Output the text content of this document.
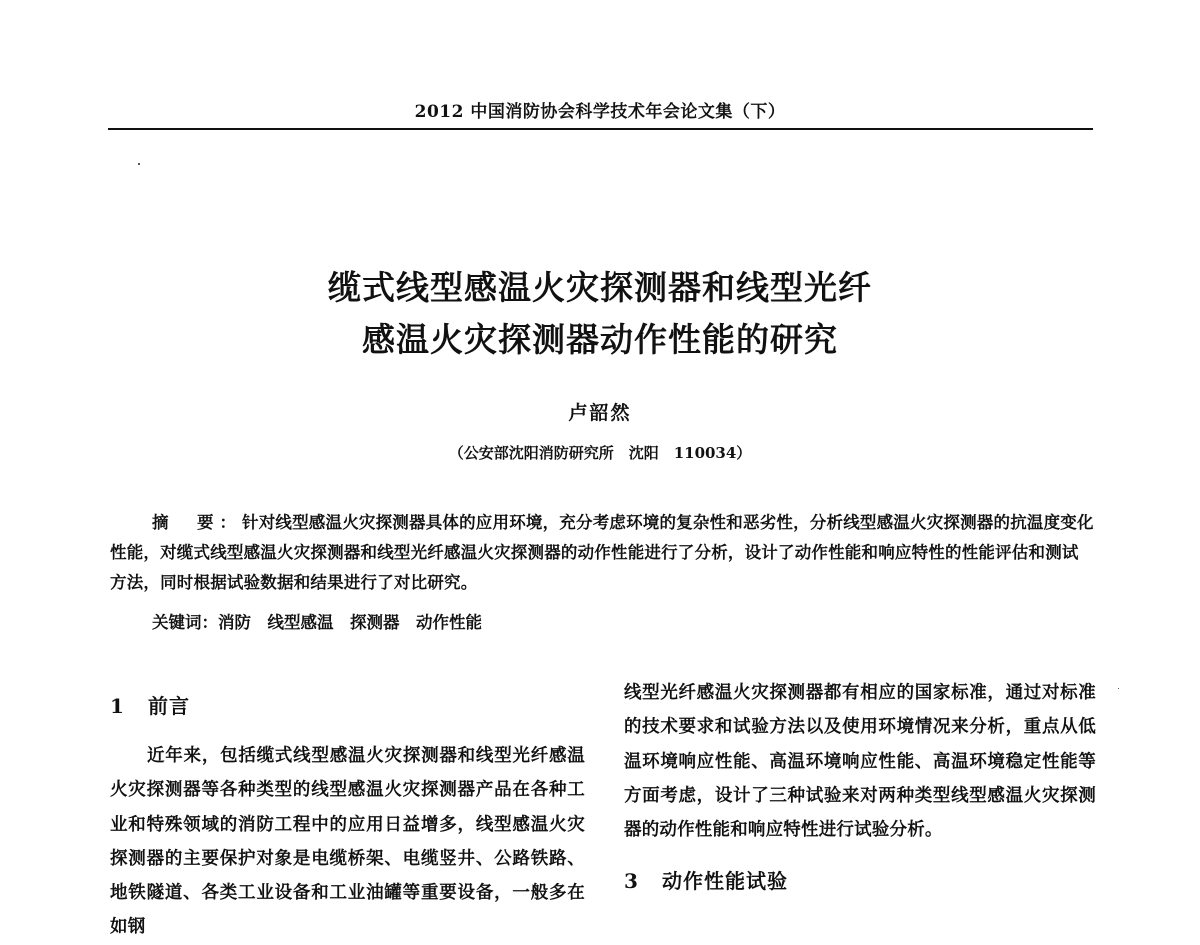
2012 中国消防协会科学技术年会论文集（下）
缆式线型感温火灾探测器和线型光纤
感温火灾探测器动作性能的研究
卢韶然
（公安部沈阳消防研究所　沈阳　110034）
摘　要：针对线型感温火灾探测器具体的应用环境，充分考虑环境的复杂性和恶劣性，分析线型感温火灾探测器的抗温度变化性能，对缆式线型感温火灾探测器和线型光纤感温火灾探测器的动作性能进行了分析，设计了动作性能和响应特性的性能评估和测试方法，同时根据试验数据和结果进行了对比研究。
关键词：消防　线型感温　探测器　动作性能
1 前言

近年来，包括缆式线型感温火灾探测器和线型光纤感温火灾探测器等各种类型的线型感温火灾探测器产品在各种工业和特殊领域的消防工程中的应用日益增多，线型感温火灾探测器的主要保护对象是电缆桥架、电缆竖井、公路铁路、地铁隧道、各类工业设备和工业油罐等重要设备，一般多在如钢

线型光纤感温火灾探测器都有相应的国家标准，通过对标准的技术要求和试验方法以及使用环境情况来分析，重点从低温环境响应性能、高温环境响应性能、高温环境稳定性能等方面考虑，设计了三种试验来对两种类型线型感温火灾探测器的动作性能和响应特性进行试验分析。

3 动作性能试验
